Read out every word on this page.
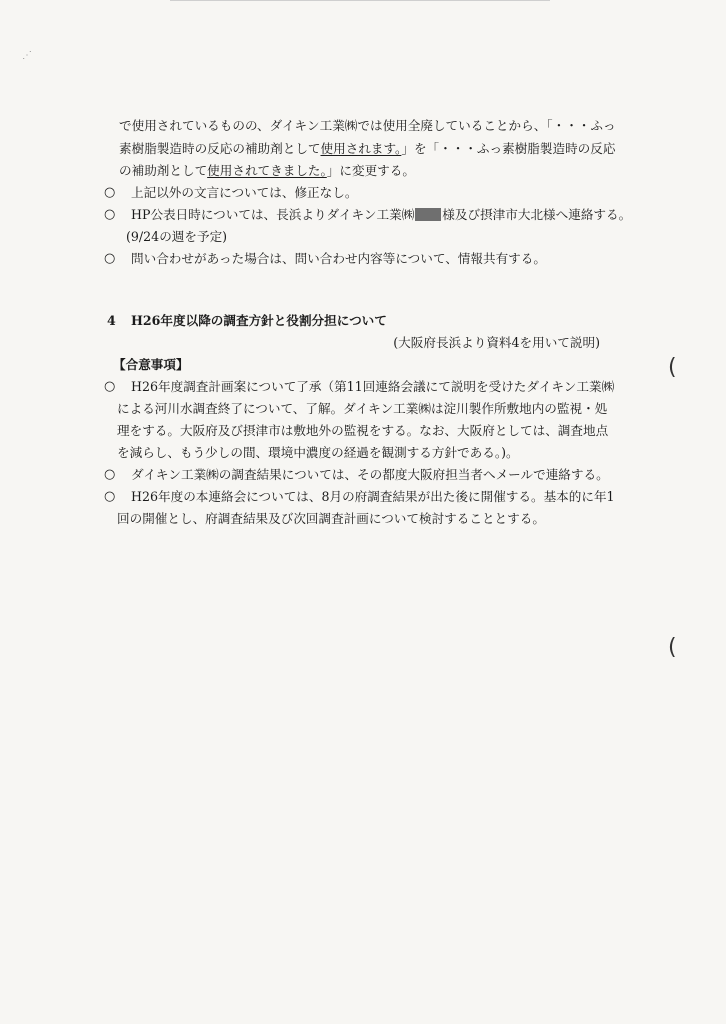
⋰
で使用されているものの、ダイキン工業㈱では使用全廃していることから、「・・・ふっ
素樹脂製造時の反応の補助剤として使用されます。」を「・・・ふっ素樹脂製造時の反応
の補助剤として使用されてきました。」に変更する。
○ 上記以外の文言については、修正なし。
○ HP公表日時については、長浜よりダイキン工業㈱ 様及び摂津市大北様へ連絡する。
(9/24の週を予定)
○ 問い合わせがあった場合は、問い合わせ内容等について、情報共有する。
4 H26年度以降の調査方針と役割分担について
(大阪府長浜より資料4を用いて説明)
【合意事項】
○ H26年度調査計画案について了承（第11回連絡会議にて説明を受けたダイキン工業㈱
による河川水調査終了について、了解。ダイキン工業㈱は淀川製作所敷地内の監視・処
理をする。大阪府及び摂津市は敷地外の監視をする。なお、大阪府としては、調査地点
を減らし、もう少しの間、環境中濃度の経過を観測する方針である。)。
○ ダイキン工業㈱の調査結果については、その都度大阪府担当者へメールで連絡する。
○ H26年度の本連絡会については、8月の府調査結果が出た後に開催する。基本的に年1
回の開催とし、府調査結果及び次回調査計画について検討することとする。
(
(
